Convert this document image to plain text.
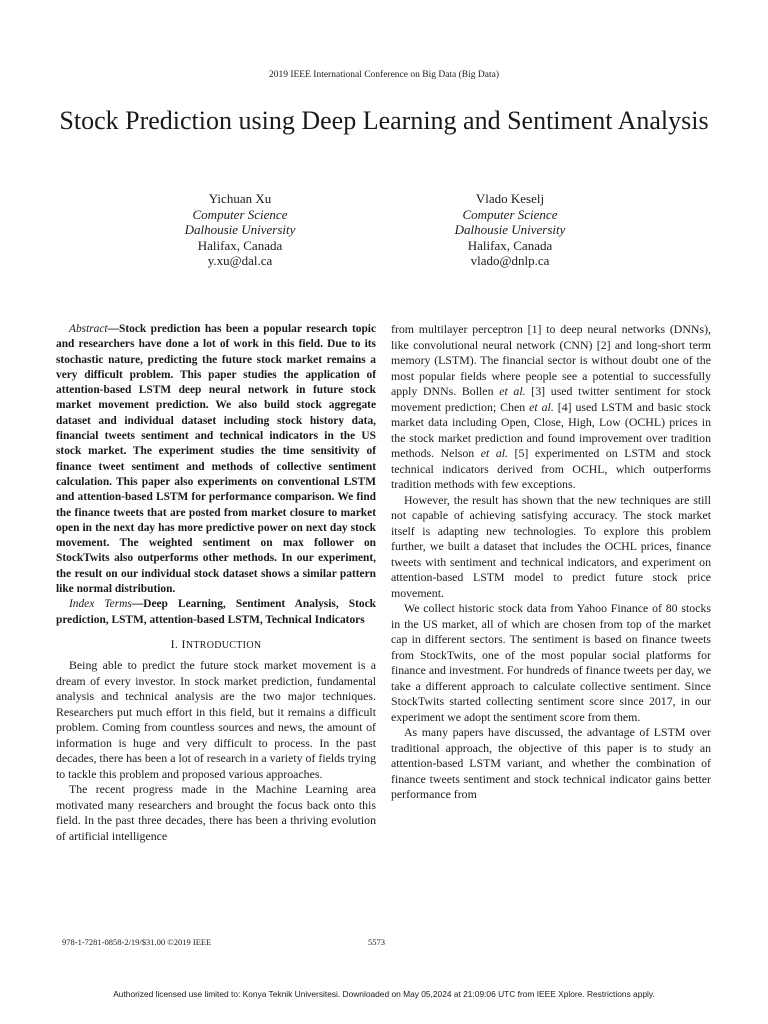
2019 IEEE International Conference on Big Data (Big Data)
Stock Prediction using Deep Learning and Sentiment Analysis
Yichuan Xu
Computer Science
Dalhousie University
Halifax, Canada
y.xu@dal.ca
Vlado Keselj
Computer Science
Dalhousie University
Halifax, Canada
vlado@dnlp.ca

Abstract—Stock prediction has been a popular research topic and researchers have done a lot of work in this field. Due to its stochastic nature, predicting the future stock market remains a very difficult problem. This paper studies the application of attention-based LSTM deep neural network in future stock market movement prediction. We also build stock aggregate dataset and individual dataset including stock history data, financial tweets sentiment and technical indicators in the US stock market. The experiment studies the time sensitivity of finance tweet sentiment and methods of collective sentiment calculation. This paper also experiments on conventional LSTM and attention-based LSTM for performance comparison. We find the finance tweets that are posted from market closure to market open in the next day has more predictive power on next day stock movement. The weighted sentiment on max follower on StockTwits also outperforms other methods. In our experiment, the result on our individual stock dataset shows a similar pattern like normal distribution.

Index Terms—Deep Learning, Sentiment Analysis, Stock prediction, LSTM, attention-based LSTM, Technical Indicators

I. INTRODUCTION

Being able to predict the future stock market movement is a dream of every investor. In stock market prediction, fundamental analysis and technical analysis are the two major techniques. Researchers put much effort in this field, but it remains a difficult problem. Coming from countless sources and news, the amount of information is huge and very difficult to process. In the past decades, there has been a lot of research in a variety of fields trying to tackle this problem and proposed various approaches.

The recent progress made in the Machine Learning area motivated many researchers and brought the focus back onto this field. In the past three decades, there has been a thriving evolution of artificial intelligence

from multilayer perceptron [1] to deep neural networks (DNNs), like convolutional neural network (CNN) [2] and long-short term memory (LSTM). The financial sector is without doubt one of the most popular fields where people see a potential to successfully apply DNNs. Bollen et al. [3] used twitter sentiment for stock movement prediction; Chen et al. [4] used LSTM and basic stock market data including Open, Close, High, Low (OCHL) prices in the stock market prediction and found improvement over tradition methods. Nelson et al. [5] experimented on LSTM and stock technical indicators derived from OCHL, which outperforms tradition methods with few exceptions.

However, the result has shown that the new techniques are still not capable of achieving satisfying accuracy. The stock market itself is adapting new technologies. To explore this problem further, we built a dataset that includes the OCHL prices, finance tweets with sentiment and technical indicators, and experiment on attention-based LSTM model to predict future stock price movement.

We collect historic stock data from Yahoo Finance of 80 stocks in the US market, all of which are chosen from top of the market cap in different sectors. The sentiment is based on finance tweets from StockTwits, one of the most popular social platforms for finance and investment. For hundreds of finance tweets per day, we take a different approach to calculate collective sentiment. Since StockTwits started collecting sentiment score since 2017, in our experiment we adopt the sentiment score from them.

As many papers have discussed, the advantage of LSTM over traditional approach, the objective of this paper is to study an attention-based LSTM variant, and whether the combination of finance tweets sentiment and stock technical indicator gains better performance from

978-1-7281-0858-2/19/$31.00 ©2019 IEEE	5573
Authorized licensed use limited to: Konya Teknik Universitesi. Downloaded on May 05,2024 at 21:09:06 UTC from IEEE Xplore. Restrictions apply.
